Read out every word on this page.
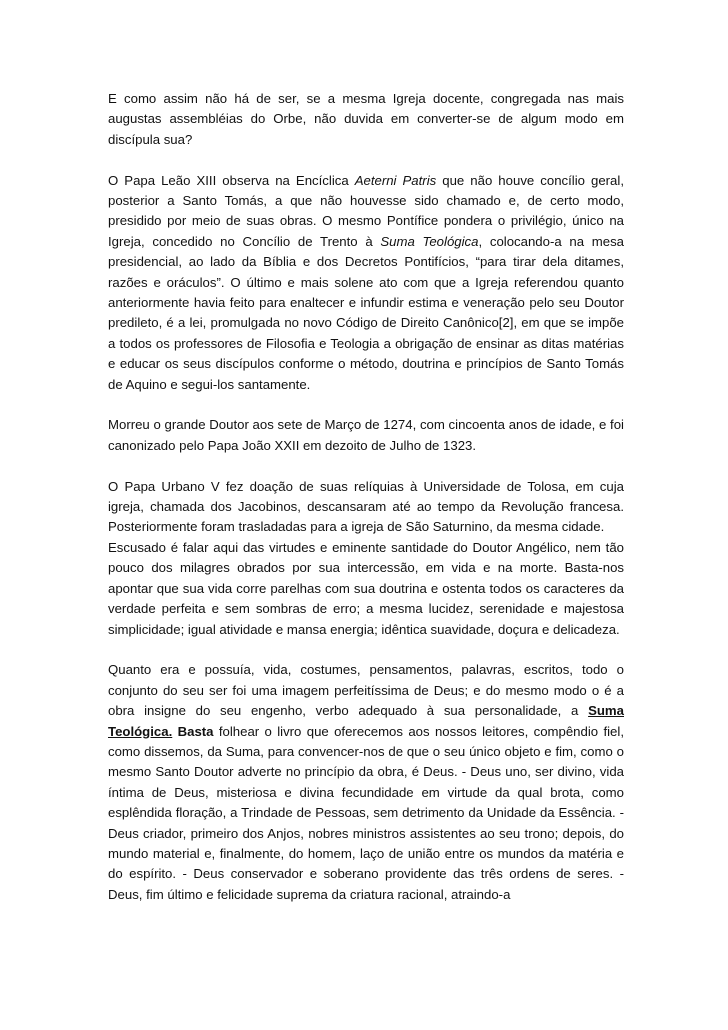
E como assim não há de ser, se a mesma Igreja docente, congregada nas mais augustas assembléias do Orbe, não duvida em converter-se de algum modo em discípula sua?

O Papa Leão XIII observa na Encíclica Aeterni Patris que não houve concílio geral, posterior a Santo Tomás, a que não houvesse sido chamado e, de certo modo, presidido por meio de suas obras. O mesmo Pontífice pondera o privilégio, único na Igreja, concedido no Concílio de Trento à Suma Teológica, colocando-a na mesa presidencial, ao lado da Bíblia e dos Decretos Pontifícios, “para tirar dela ditames, razões e oráculos”. O último e mais solene ato com que a Igreja referendou quanto anteriormente havia feito para enaltecer e infundir estima e veneração pelo seu Doutor predileto, é a lei, promulgada no novo Código de Direito Canônico[2], em que se impõe a todos os professores de Filosofia e Teologia a obrigação de ensinar as ditas matérias e educar os seus discípulos conforme o método, doutrina e princípios de Santo Tomás de Aquino e segui-los santamente.

Morreu o grande Doutor aos sete de Março de 1274, com cincoenta anos de idade, e foi canonizado pelo Papa João XXII em dezoito de Julho de 1323.

O Papa Urbano V fez doação de suas relíquias à Universidade de Tolosa, em cuja igreja, chamada dos Jacobinos, descansaram até ao tempo da Revolução francesa. Posteriormente foram trasladadas para a igreja de São Saturnino, da mesma cidade.

Escusado é falar aqui das virtudes e eminente santidade do Doutor Angélico, nem tão pouco dos milagres obrados por sua intercessão, em vida e na morte. Basta-nos apontar que sua vida corre parelhas com sua doutrina e ostenta todos os caracteres da verdade perfeita e sem sombras de erro; a mesma lucidez, serenidade e majestosa simplicidade; igual atividade e mansa energia; idêntica suavidade, doçura e delicadeza.

Quanto era e possuía, vida, costumes, pensamentos, palavras, escritos, todo o conjunto do seu ser foi uma imagem perfeitíssima de Deus; e do mesmo modo o é a obra insigne do seu engenho, verbo adequado à sua personalidade, a Suma Teológica. Basta folhear o livro que oferecemos aos nossos leitores, compêndio fiel, como dissemos, da Suma, para convencer-nos de que o seu único objeto e fim, como o mesmo Santo Doutor adverte no princípio da obra, é Deus. - Deus uno, ser divino, vida íntima de Deus, misteriosa e divina fecundidade em virtude da qual brota, como esplêndida floração, a Trindade de Pessoas, sem detrimento da Unidade da Essência. - Deus criador, primeiro dos Anjos, nobres ministros assistentes ao seu trono; depois, do mundo material e, finalmente, do homem, laço de união entre os mundos da matéria e do espírito. - Deus conservador e soberano providente das três ordens de seres. - Deus, fim último e felicidade suprema da criatura racional, atraindo-a
